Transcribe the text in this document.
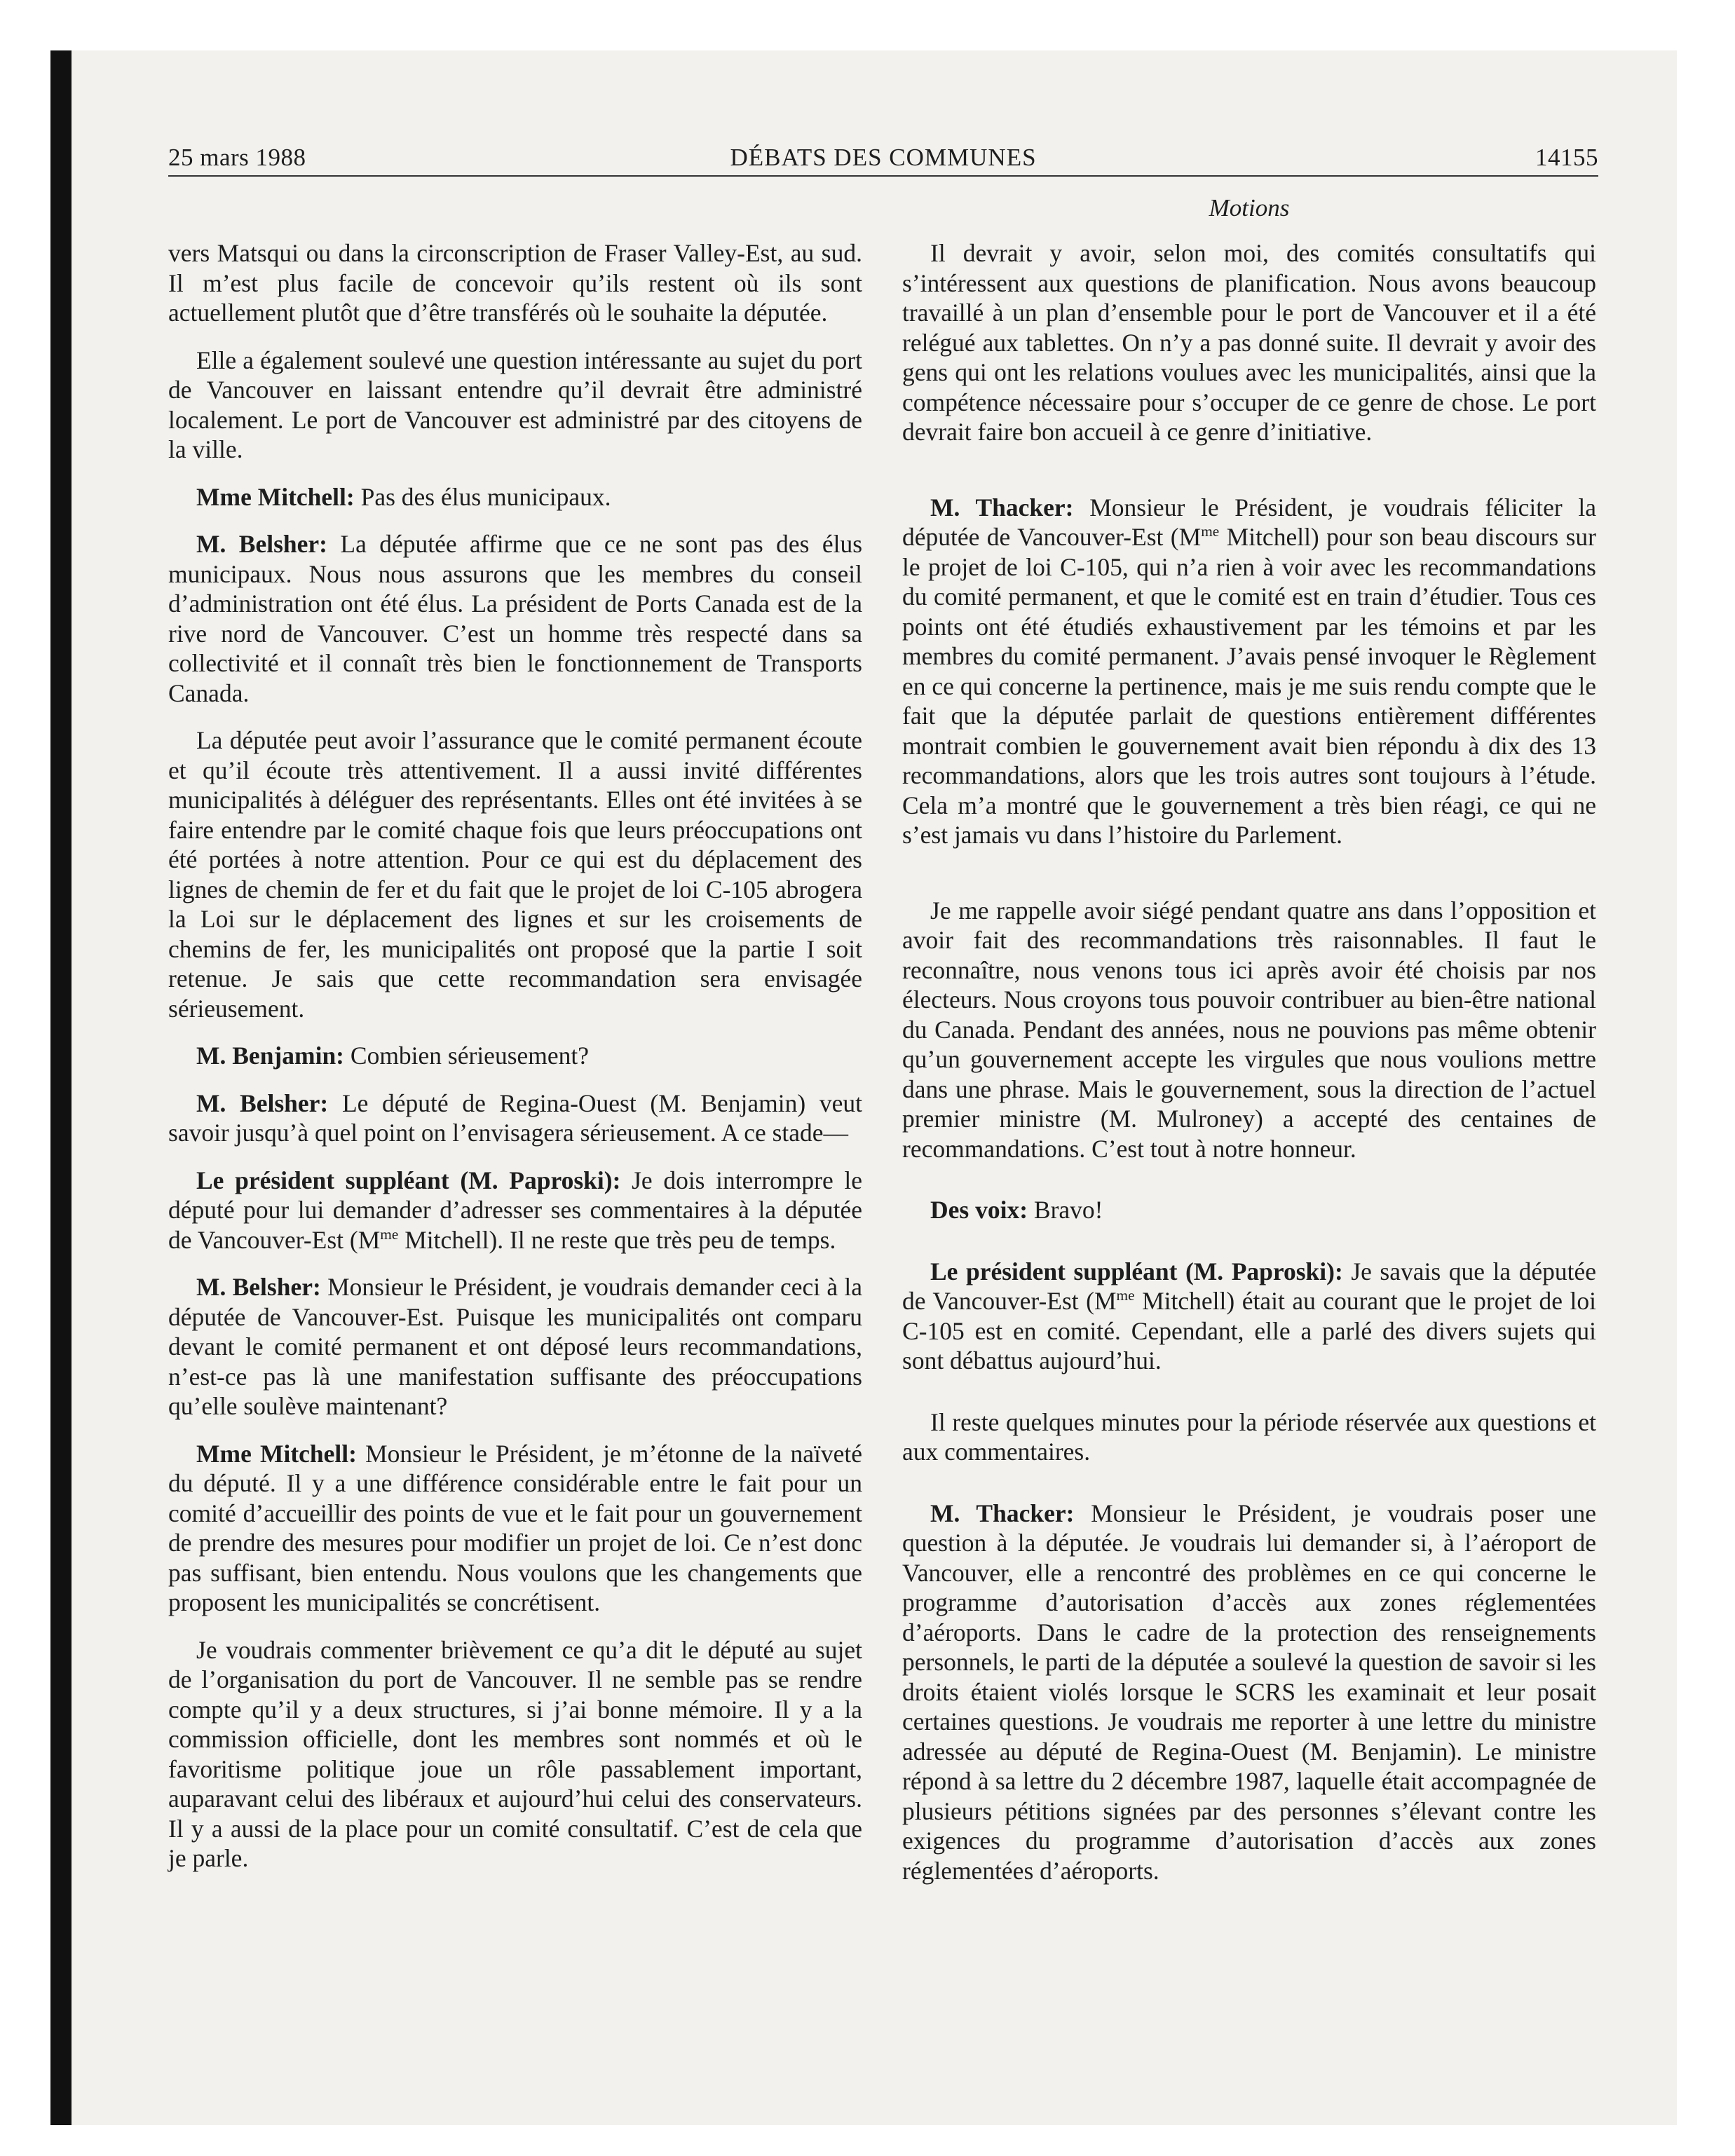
25 mars 1988	DÉBATS DES COMMUNES	14155
Motions

vers Matsqui ou dans la circonscription de Fraser Valley-Est, au sud. Il m’est plus facile de concevoir qu’ils restent où ils sont actuellement plutôt que d’être transférés où le souhaite la députée.

Elle a également soulevé une question intéressante au sujet du port de Vancouver en laissant entendre qu’il devrait être administré localement. Le port de Vancouver est administré par des citoyens de la ville.

Mme Mitchell: Pas des élus municipaux.

M. Belsher: La députée affirme que ce ne sont pas des élus municipaux. Nous nous assurons que les membres du conseil d’administration ont été élus. La président de Ports Canada est de la rive nord de Vancouver. C’est un homme très respecté dans sa collectivité et il connaît très bien le fonctionnement de Transports Canada.

La députée peut avoir l’assurance que le comité permanent écoute et qu’il écoute très attentivement. Il a aussi invité différentes municipalités à déléguer des représentants. Elles ont été invitées à se faire entendre par le comité chaque fois que leurs préoccupations ont été portées à notre attention. Pour ce qui est du déplacement des lignes de chemin de fer et du fait que le projet de loi C-105 abrogera la Loi sur le déplacement des lignes et sur les croisements de chemins de fer, les municipalités ont proposé que la partie I soit retenue. Je sais que cette recommandation sera envisagée sérieusement.

M. Benjamin: Combien sérieusement?

M. Belsher: Le député de Regina-Ouest (M. Benjamin) veut savoir jusqu’à quel point on l’envisagera sérieusement. A ce stade—

Le président suppléant (M. Paproski): Je dois interrompre le député pour lui demander d’adresser ses commentaires à la députée de Vancouver-Est ($M^{me}$ Mitchell). Il ne reste que très peu de temps.

M. Belsher: Monsieur le Président, je voudrais demander ceci à la députée de Vancouver-Est. Puisque les municipalités ont comparu devant le comité permanent et ont déposé leurs recommandations, n’est-ce pas là une manifestation suffisante des préoccupations qu’elle soulève maintenant?

Mme Mitchell: Monsieur le Président, je m’étonne de la naïveté du député. Il y a une différence considérable entre le fait pour un comité d’accueillir des points de vue et le fait pour un gouvernement de prendre des mesures pour modifier un projet de loi. Ce n’est donc pas suffisant, bien entendu. Nous voulons que les changements que proposent les municipalités se concrétisent.

Je voudrais commenter brièvement ce qu’a dit le député au sujet de l’organisation du port de Vancouver. Il ne semble pas se rendre compte qu’il y a deux structures, si j’ai bonne mémoire. Il y a la commission officielle, dont les membres sont nommés et où le favoritisme politique joue un rôle passablement important, auparavant celui des libéraux et aujourd’hui celui des conservateurs. Il y a aussi de la place pour un comité consultatif. C’est de cela que je parle.

Il devrait y avoir, selon moi, des comités consultatifs qui s’intéressent aux questions de planification. Nous avons beaucoup travaillé à un plan d’ensemble pour le port de Vancouver et il a été relégué aux tablettes. On n’y a pas donné suite. Il devrait y avoir des gens qui ont les relations voulues avec les municipalités, ainsi que la compétence nécessaire pour s’occuper de ce genre de chose. Le port devrait faire bon accueil à ce genre d’initiative.

M. Thacker: Monsieur le Président, je voudrais féliciter la députée de Vancouver-Est ($M^{me}$ Mitchell) pour son beau discours sur le projet de loi C-105, qui n’a rien à voir avec les recommandations du comité permanent, et que le comité est en train d’étudier. Tous ces points ont été étudiés exhaustivement par les témoins et par les membres du comité permanent. J’avais pensé invoquer le Règlement en ce qui concerne la pertinence, mais je me suis rendu compte que le fait que la députée parlait de questions entièrement différentes montrait combien le gouvernement avait bien répondu à dix des 13 recommandations, alors que les trois autres sont toujours à l’étude. Cela m’a montré que le gouvernement a très bien réagi, ce qui ne s’est jamais vu dans l’histoire du Parlement.

Je me rappelle avoir siégé pendant quatre ans dans l’opposition et avoir fait des recommandations très raisonnables. Il faut le reconnaître, nous venons tous ici après avoir été choisis par nos électeurs. Nous croyons tous pouvoir contribuer au bien-être national du Canada. Pendant des années, nous ne pouvions pas même obtenir qu’un gouvernement accepte les virgules que nous voulions mettre dans une phrase. Mais le gouvernement, sous la direction de l’actuel premier ministre (M. Mulroney) a accepté des centaines de recommandations. C’est tout à notre honneur.

Des voix: Bravo!

Le président suppléant (M. Paproski): Je savais que la députée de Vancouver-Est ($M^{me}$ Mitchell) était au courant que le projet de loi C-105 est en comité. Cependant, elle a parlé des divers sujets qui sont débattus aujourd’hui.

Il reste quelques minutes pour la période réservée aux questions et aux commentaires.

M. Thacker: Monsieur le Président, je voudrais poser une question à la députée. Je voudrais lui demander si, à l’aéroport de Vancouver, elle a rencontré des problèmes en ce qui concerne le programme d’autorisation d’accès aux zones réglementées d’aéroports. Dans le cadre de la protection des renseignements personnels, le parti de la députée a soulevé la question de savoir si les droits étaient violés lorsque le SCRS les examinait et leur posait certaines questions. Je voudrais me reporter à une lettre du ministre adressée au député de Regina-Ouest (M. Benjamin). Le ministre répond à sa lettre du 2 décembre 1987, laquelle était accompagnée de plusieurs pétitions signées par des personnes s’élevant contre les exigences du programme d’autorisation d’accès aux zones réglementées d’aéroports.
